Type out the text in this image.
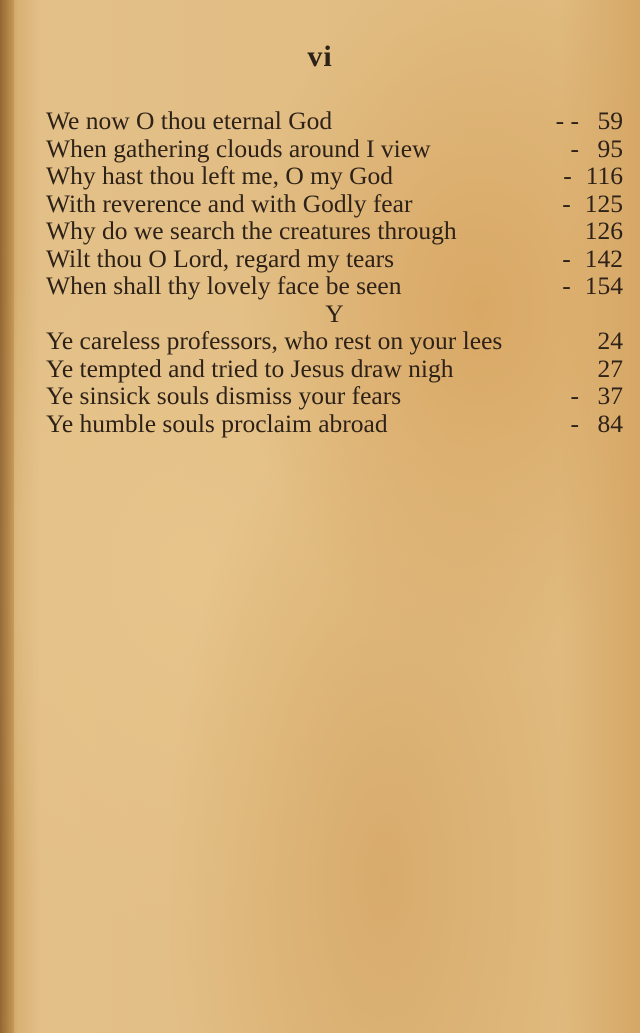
vi
We now O thou eternal God	- - 59
When gathering clouds around I view	- 95
Why hast thou left me, O my God	- 116
With reverence and with Godly fear	- 125
Why do we search the creatures through	126
Wilt thou O Lord, regard my tears	- 142
When shall thy lovely face be seen	- 154
Y
Ye careless professors, who rest on your lees	24
Ye tempted and tried to Jesus draw nigh	27
Ye sinsick souls dismiss your fears	- 37
Ye humble souls proclaim abroad	- 84
